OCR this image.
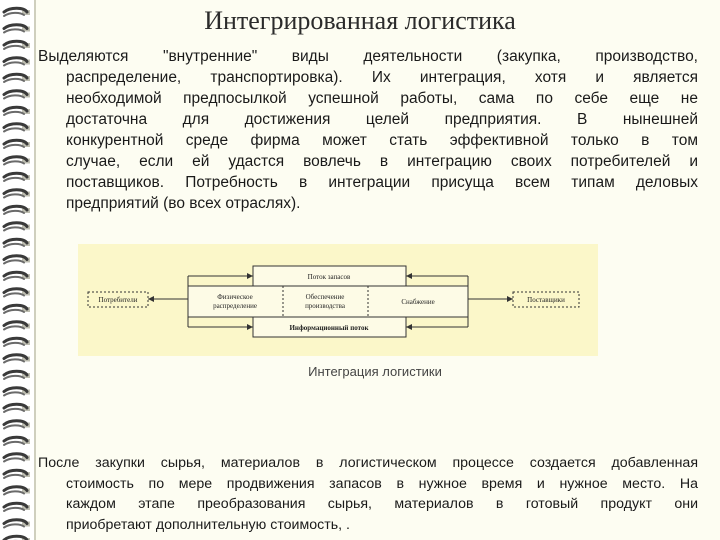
Интегрированная логистика
Выделяются "внутренние" виды деятельности (закупка, производство,
распределение, транспортировка). Их интеграция, хотя и является
необходимой предпосылкой успешной работы, сама по себе еще не
достаточна для достижения целей предприятия. В нынешней
конкурентной среде фирма может стать эффективной только в том
случае, если ей удастся вовлечь в интеграцию своих потребителей и
поставщиков. Потребность в интеграции присуща всем типам деловых
предприятий (во всех отраслях).
Поток запасов
Информационный поток
Потребители	Поставщики
Физическое
распределение
Обеспечение
производства	Снабжение
Интеграция логистики
После закупки сырья, материалов в логистическом процессе создается добавленная
стоимость по мере продвижения запасов в нужное время и нужное место. На
каждом этапе преобразования сырья, материалов в готовый продукт они
приобретают дополнительную стоимость, .
